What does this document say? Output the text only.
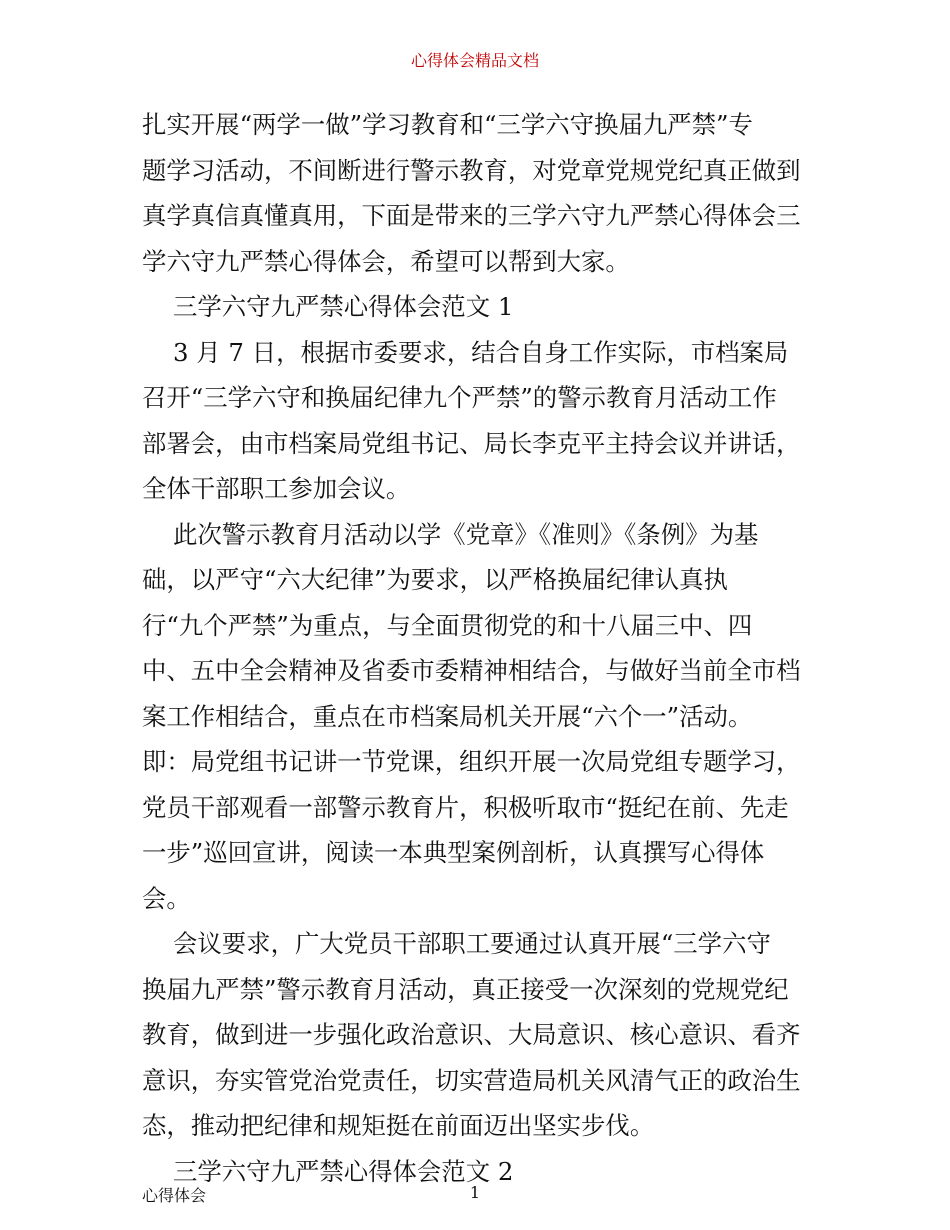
心得体会精品文档
扎实开展“两学一做”学习教育和“三学六守换届九严禁”专
题学习活动，不间断进行警示教育，对党章党规党纪真正做到
真学真信真懂真用，下面是带来的三学六守九严禁心得体会三
学六守九严禁心得体会，希望可以帮到大家。
三学六守九严禁心得体会范文 1
3 月 7 日，根据市委要求，结合自身工作实际，市档案局
召开“三学六守和换届纪律九个严禁”的警示教育月活动工作
部署会，由市档案局党组书记、局长李克平主持会议并讲话，
全体干部职工参加会议。
此次警示教育月活动以学《党章》《准则》《条例》为基
础，以严守“六大纪律”为要求，以严格换届纪律认真执
行“九个严禁”为重点，与全面贯彻党的和十八届三中、四
中、五中全会精神及省委市委精神相结合，与做好当前全市档
案工作相结合，重点在市档案局机关开展“六个一”活动。
即：局党组书记讲一节党课，组织开展一次局党组专题学习，
党员干部观看一部警示教育片，积极听取市“挺纪在前、先走
一步”巡回宣讲，阅读一本典型案例剖析，认真撰写心得体
会。
会议要求，广大党员干部职工要通过认真开展“三学六守
换届九严禁”警示教育月活动，真正接受一次深刻的党规党纪
教育，做到进一步强化政治意识、大局意识、核心意识、看齐
意识，夯实管党治党责任，切实营造局机关风清气正的政治生
态，推动把纪律和规矩挺在前面迈出坚实步伐。
三学六守九严禁心得体会范文 2
心得体会	1
